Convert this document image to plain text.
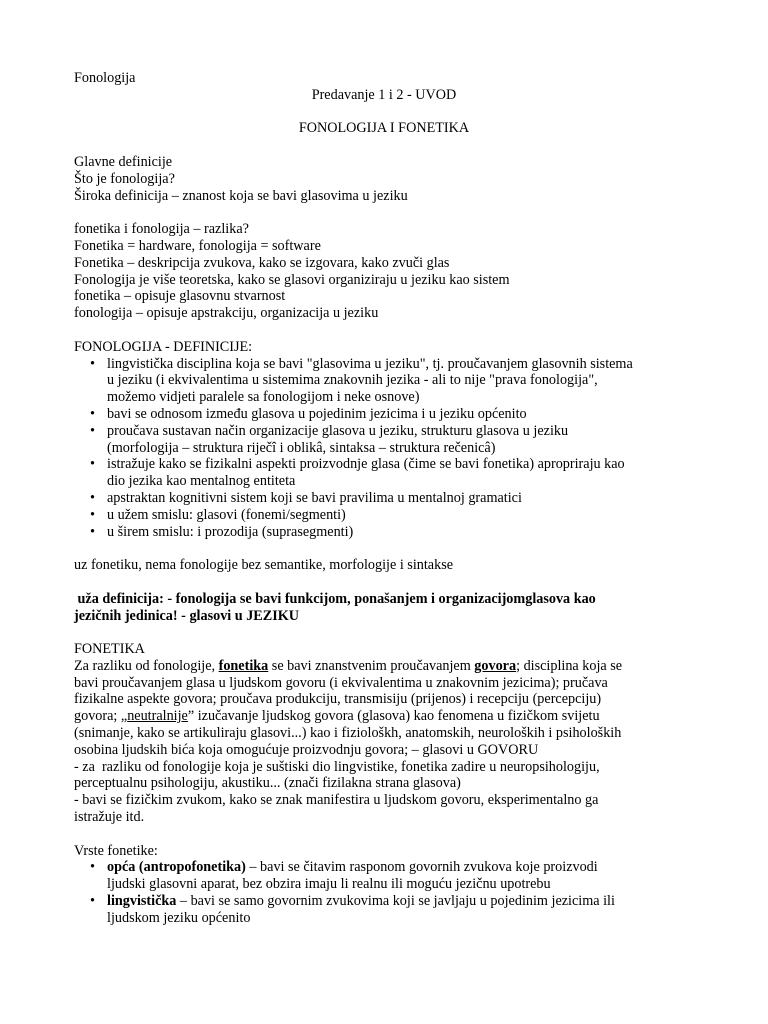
Fonologija
Predavanje 1 i 2 - UVOD
FONOLOGIJA I FONETIKA
Glavne definicije
Što je fonologija?
Široka definicija – znanost koja se bavi glasovima u jeziku
fonetika i fonologija – razlika?
Fonetika = hardware, fonologija = software
Fonetika – deskripcija zvukova, kako se izgovara, kako zvuči glas
Fonologija je više teoretska, kako se glasovi organiziraju u jeziku kao sistem
fonetika – opisuje glasovnu stvarnost
fonologija – opisuje apstrakciju, organizacija u jeziku
FONOLOGIJA - DEFINICIJE:
• lingvistička disciplina koja se bavi "glasovima u jeziku", tj. proučavanjem glasovnih sistema
u jeziku (i ekvivalentima u sistemima znakovnih jezika - ali to nije "prava fonologija",
možemo vidjeti paralele sa fonologijom i neke osnove)
• bavi se odnosom između glasova u pojedinim jezicima i u jeziku općenito
• proučava sustavan način organizacije glasova u jeziku, strukturu glasova u jeziku
(morfologija – struktura riječî i oblikâ, sintaksa – struktura rečenicâ)
• istražuje kako se fizikalni aspekti proizvodnje glasa (čime se bavi fonetika) apropriraju kao
dio jezika kao mentalnog entiteta
• apstraktan kognitivni sistem koji se bavi pravilima u mentalnoj gramatici
• u užem smislu: glasovi (fonemi/segmenti)
• u širem smislu: i prozodija (suprasegmenti)
uz fonetiku, nema fonologije bez semantike, morfologije i sintakse
uža definicija: - fonologija se bavi funkcijom, ponašanjem i organizacijomglasova kao
jezičnih jedinica! - glasovi u JEZIKU
FONETIKA
Za razliku od fonologije, fonetika se bavi znanstvenim proučavanjem govora; disciplina koja se
bavi proučavanjem glasa u ljudskom govoru (i ekvivalentima u znakovnim jezicima); pručava
fizikalne aspekte govora; proučava produkciju, transmisiju (prijenos) i recepciju (percepciju)
govora; „neutralnije” izučavanje ljudskog govora (glasova) kao fenomena u fizičkom svijetu
(snimanje, kako se artikuliraju glasovi...) kao i fiziološkh, anatomskih, neuroloških i psiholoških
osobina ljudskih bića koja omogućuje proizvodnju govora; – glasovi u GOVORU
- za  razliku od fonologije koja je suštiski dio lingvistike, fonetika zadire u neuropsihologiju,
perceptualnu psihologiju, akustiku... (znači fizilakna strana glasova)
- bavi se fizičkim zvukom, kako se znak manifestira u ljudskom govoru, eksperimentalno ga
istražuje itd.
Vrste fonetike:
• opća (antropofonetika) – bavi se čitavim rasponom govornih zvukova koje proizvodi
ljudski glasovni aparat, bez obzira imaju li realnu ili moguću jezičnu upotrebu
• lingvistička – bavi se samo govornim zvukovima koji se javljaju u pojedinim jezicima ili
ljudskom jeziku općenito
